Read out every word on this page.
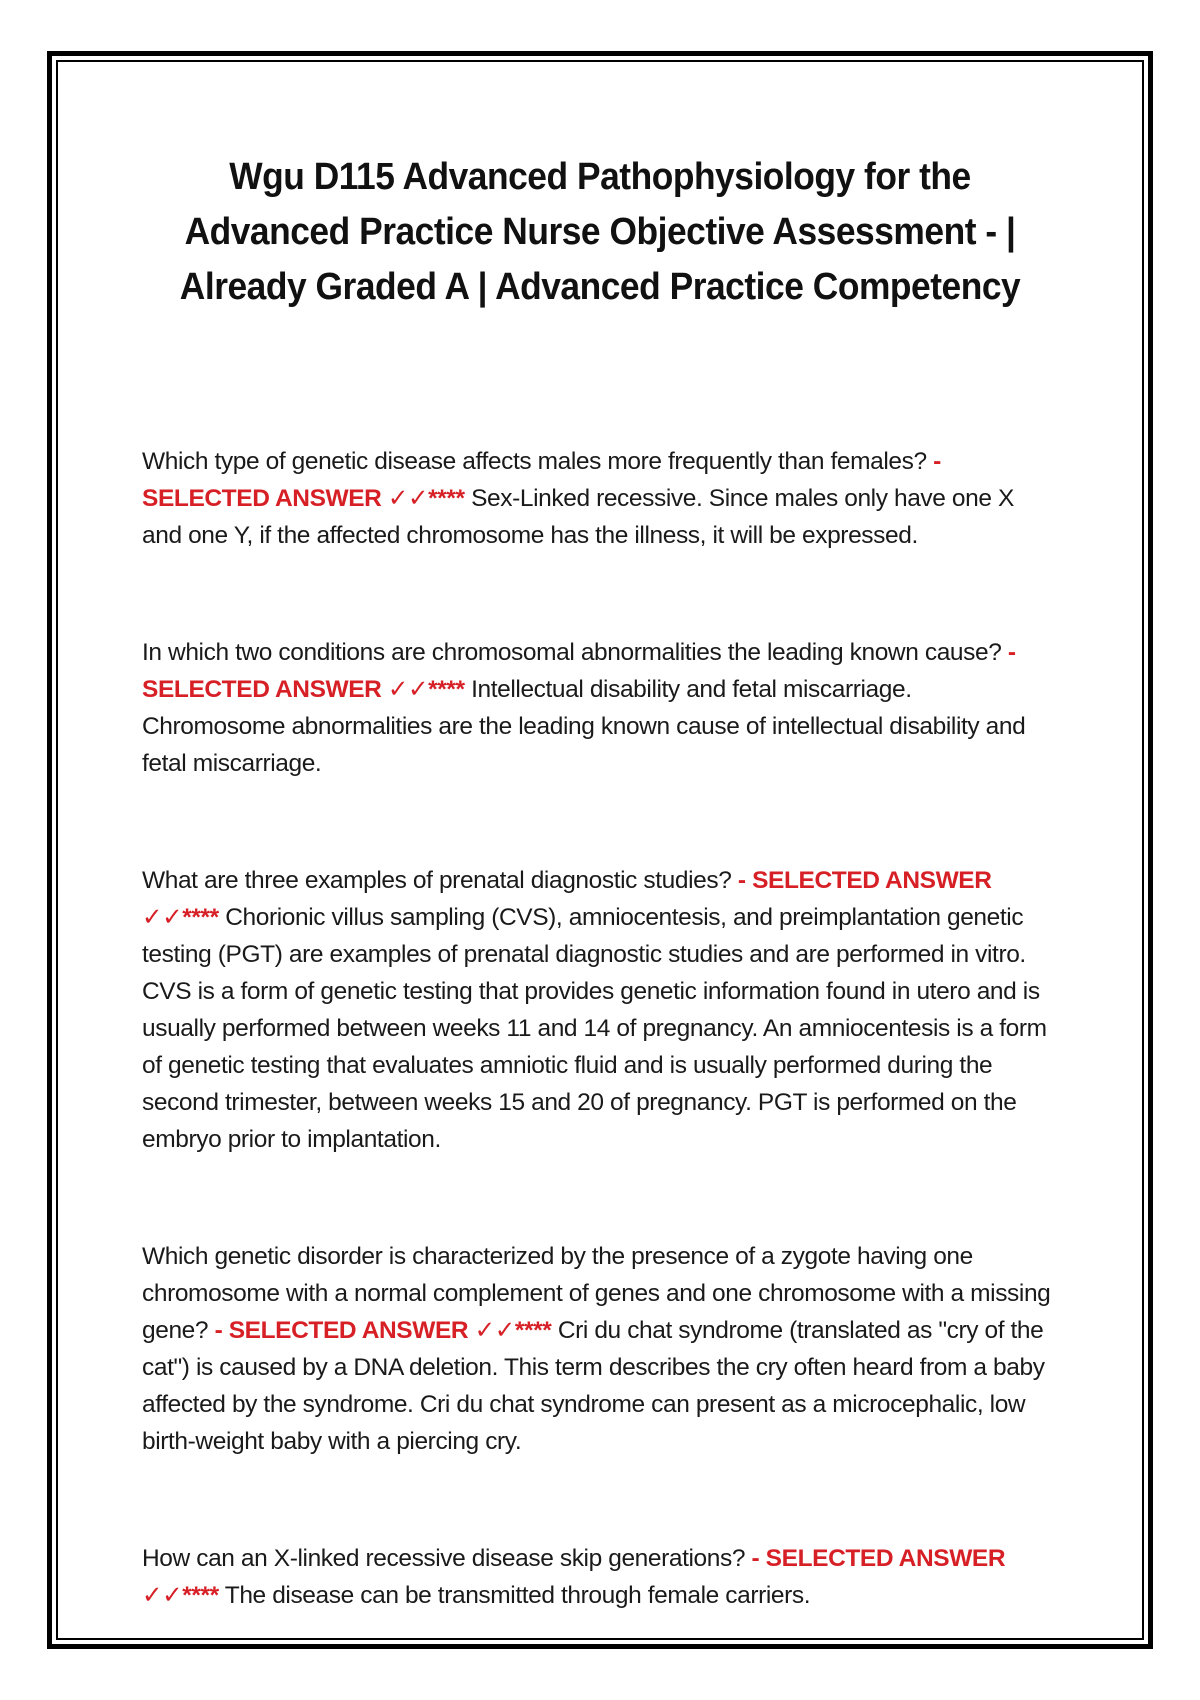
Wgu D115 Advanced Pathophysiology for the Advanced Practice Nurse Objective Assessment - | Already Graded A | Advanced Practice Competency

Which type of genetic disease affects males more frequently than females? - SELECTED ANSWER ✓✓**** Sex-Linked recessive. Since males only have one X and one Y, if the affected chromosome has the illness, it will be expressed.

In which two conditions are chromosomal abnormalities the leading known cause? - SELECTED ANSWER ✓✓**** Intellectual disability and fetal miscarriage. Chromosome abnormalities are the leading known cause of intellectual disability and fetal miscarriage.

What are three examples of prenatal diagnostic studies? - SELECTED ANSWER ✓✓**** Chorionic villus sampling (CVS), amniocentesis, and preimplantation genetic testing (PGT) are examples of prenatal diagnostic studies and are performed in vitro. CVS is a form of genetic testing that provides genetic information found in utero and is usually performed between weeks 11 and 14 of pregnancy. An amniocentesis is a form of genetic testing that evaluates amniotic fluid and is usually performed during the second trimester, between weeks 15 and 20 of pregnancy. PGT is performed on the embryo prior to implantation.

Which genetic disorder is characterized by the presence of a zygote having one chromosome with a normal complement of genes and one chromosome with a missing gene? - SELECTED ANSWER ✓✓**** Cri du chat syndrome (translated as "cry of the cat") is caused by a DNA deletion. This term describes the cry often heard from a baby affected by the syndrome. Cri du chat syndrome can present as a microcephalic, low birth-weight baby with a piercing cry.

How can an X-linked recessive disease skip generations? - SELECTED ANSWER ✓✓**** The disease can be transmitted through female carriers.
